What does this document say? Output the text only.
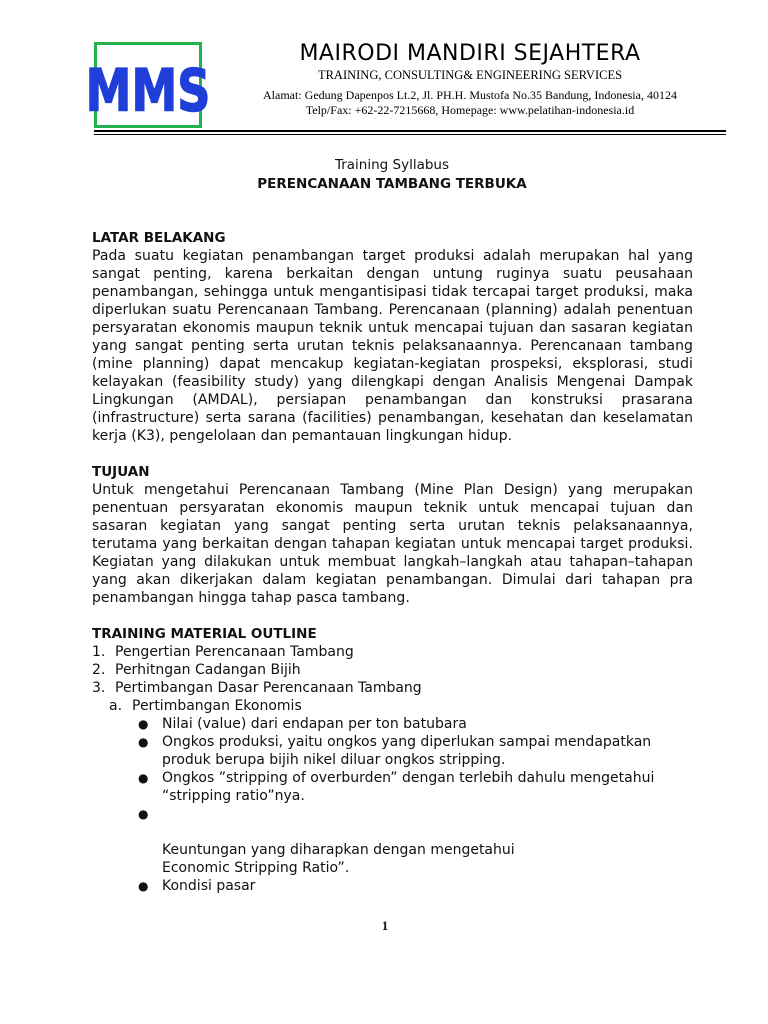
MMS
MAIRODI MANDIRI SEJAHTERA
TRAINING, CONSULTING& ENGINEERING SERVICES
Alamat: Gedung Dapenpos Lt.2, Jl. PH.H. Mustofa No.35 Bandung, Indonesia, 40124
Telp/Fax: +62-22-7215668, Homepage: www.pelatihan-indonesia.id
Training Syllabus
PERENCANAAN TAMBANG TERBUKA
LATAR BELAKANG
Pada suatu kegiatan penambangan target produksi adalah merupakan hal yang sangat penting, karena berkaitan dengan untung ruginya suatu peusahaan penambangan, sehingga untuk mengantisipasi tidak tercapai target produksi, maka diperlukan suatu Perencanaan Tambang. Perencanaan (planning) adalah penentuan persyaratan ekonomis maupun teknik untuk mencapai tujuan dan sasaran kegiatan yang sangat penting serta urutan teknis pelaksanaannya. Perencanaan tambang (mine planning) dapat mencakup kegiatan-kegiatan prospeksi, eksplorasi, studi kelayakan (feasibility study) yang dilengkapi dengan Analisis Mengenai Dampak Lingkungan (AMDAL), persiapan penambangan dan konstruksi prasarana (infrastructure) serta sarana (facilities) penambangan, kesehatan dan keselamatan kerja (K3), pengelolaan dan pemantauan lingkungan hidup.
TUJUAN
Untuk mengetahui Perencanaan Tambang (Mine Plan Design) yang merupakan penentuan persyaratan ekonomis maupun teknik untuk mencapai tujuan dan sasaran kegiatan yang sangat penting serta urutan teknis pelaksanaannya, terutama yang berkaitan dengan tahapan kegiatan untuk mencapai target produksi. Kegiatan yang dilakukan untuk membuat langkah–langkah atau tahapan–tahapan yang akan dikerjakan dalam kegiatan penambangan. Dimulai dari tahapan pra penambangan hingga tahap pasca tambang.
TRAINING MATERIAL OUTLINE
1. Pengertian Perencanaan Tambang
2. Perhitngan Cadangan Bijih
3. Pertimbangan Dasar Perencanaan Tambang
a. Pertimbangan Ekonomis
● Nilai (value) dari endapan per ton batubara
● Ongkos produksi, yaitu ongkos yang diperlukan sampai mendapatkan produk berupa bijih nikel diluar ongkos stripping.
● Ongkos ”stripping of overburden” dengan terlebih dahulu mengetahui “stripping ratio”nya.

●

Keuntungan yang diharapkan dengan mengetahui
Economic Stripping Ratio”.

● Kondisi pasar
1
